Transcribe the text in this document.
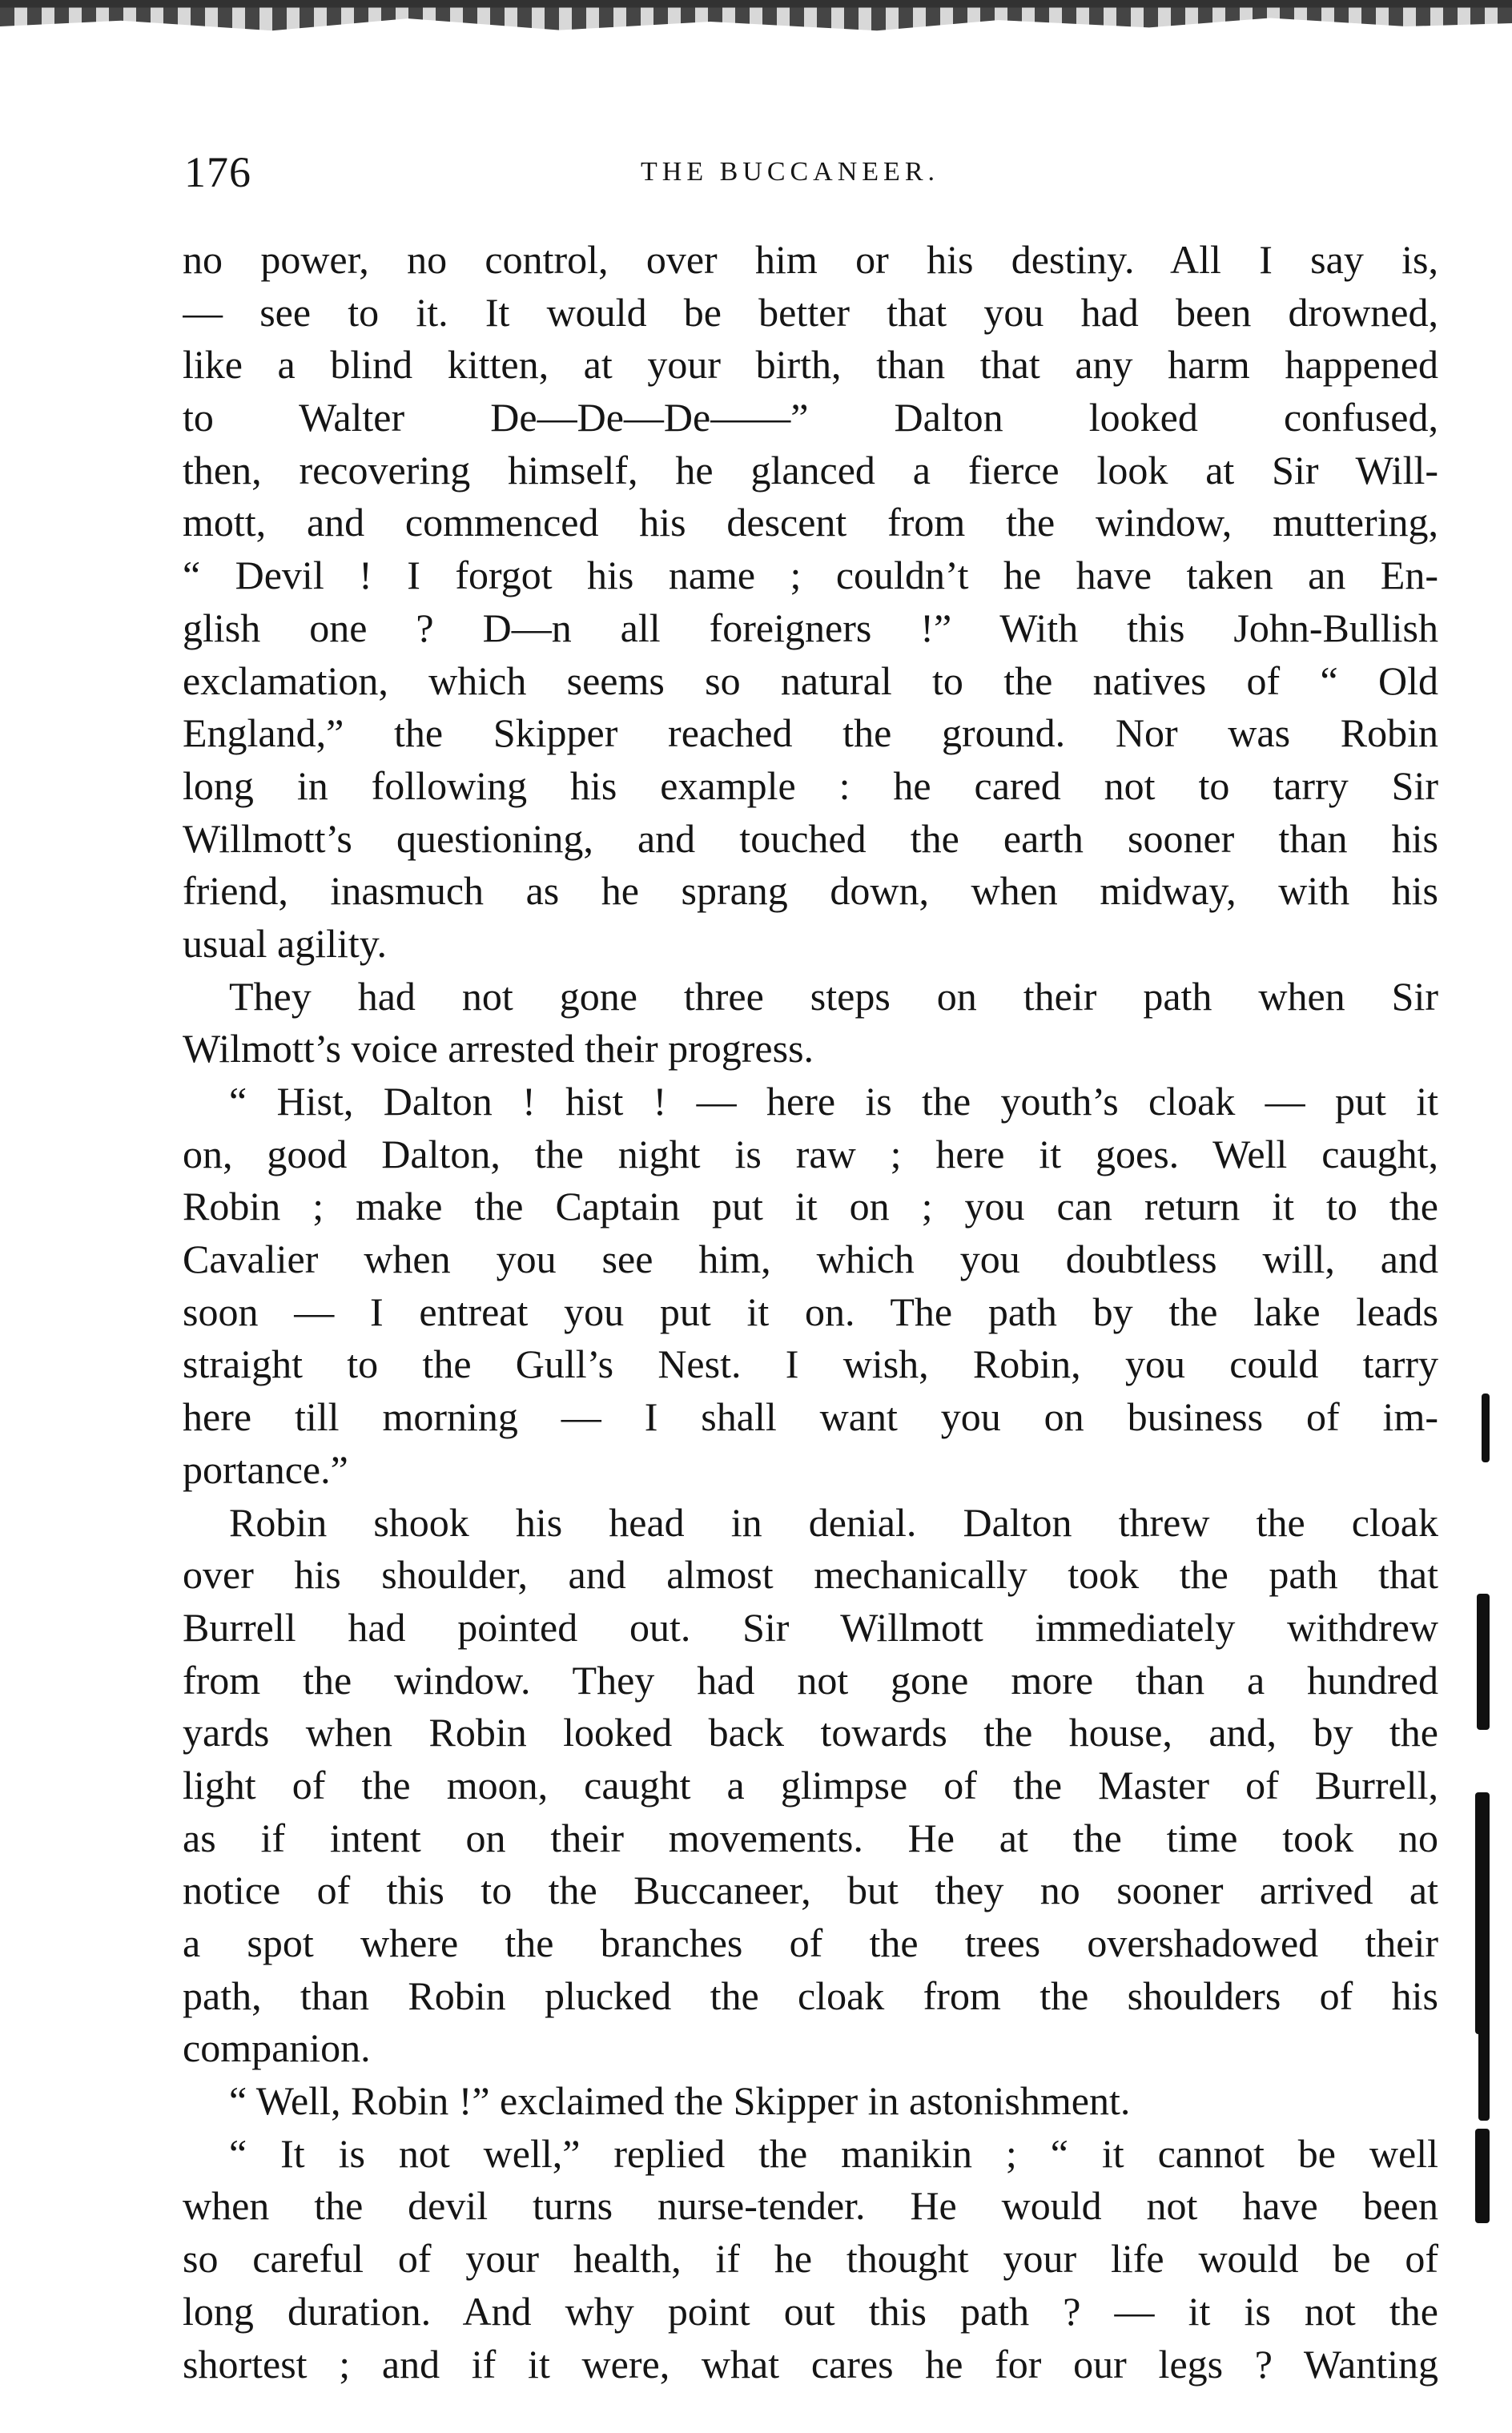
176	THE BUCCANEER.
no power, no control, over him or his destiny. All I say is,
— see to it. It would be better that you had been drowned,
like a blind kitten, at your birth, than that any harm happened
to Walter De—De—De——” Dalton looked confused,
then, recovering himself, he glanced a fierce look at Sir Will-
mott, and commenced his descent from the window, muttering,
“ Devil ! I forgot his name ; couldn’t he have taken an En-
glish one ? D—n all foreigners !” With this John-Bullish
exclamation, which seems so natural to the natives of “ Old
England,” the Skipper reached the ground. Nor was Robin
long in following his example : he cared not to tarry Sir
Willmott’s questioning, and touched the earth sooner than his
friend, inasmuch as he sprang down, when midway, with his
usual agility.
They had not gone three steps on their path when Sir
Wilmott’s voice arrested their progress.
“ Hist, Dalton ! hist ! — here is the youth’s cloak — put it
on, good Dalton, the night is raw ; here it goes. Well caught,
Robin ; make the Captain put it on ; you can return it to the
Cavalier when you see him, which you doubtless will, and
soon — I entreat you put it on. The path by the lake leads
straight to the Gull’s Nest. I wish, Robin, you could tarry
here till morning — I shall want you on business of im-
portance.”
Robin shook his head in denial. Dalton threw the cloak
over his shoulder, and almost mechanically took the path that
Burrell had pointed out. Sir Willmott immediately withdrew
from the window. They had not gone more than a hundred
yards when Robin looked back towards the house, and, by the
light of the moon, caught a glimpse of the Master of Burrell,
as if intent on their movements. He at the time took no
notice of this to the Buccaneer, but they no sooner arrived at
a spot where the branches of the trees overshadowed their
path, than Robin plucked the cloak from the shoulders of his
companion.
“ Well, Robin !” exclaimed the Skipper in astonishment.
“ It is not well,” replied the manikin ; “ it cannot be well
when the devil turns nurse-tender. He would not have been
so careful of your health, if he thought your life would be of
long duration. And why point out this path ? — it is not the
shortest ; and if it were, what cares he for our legs ? Wanting
